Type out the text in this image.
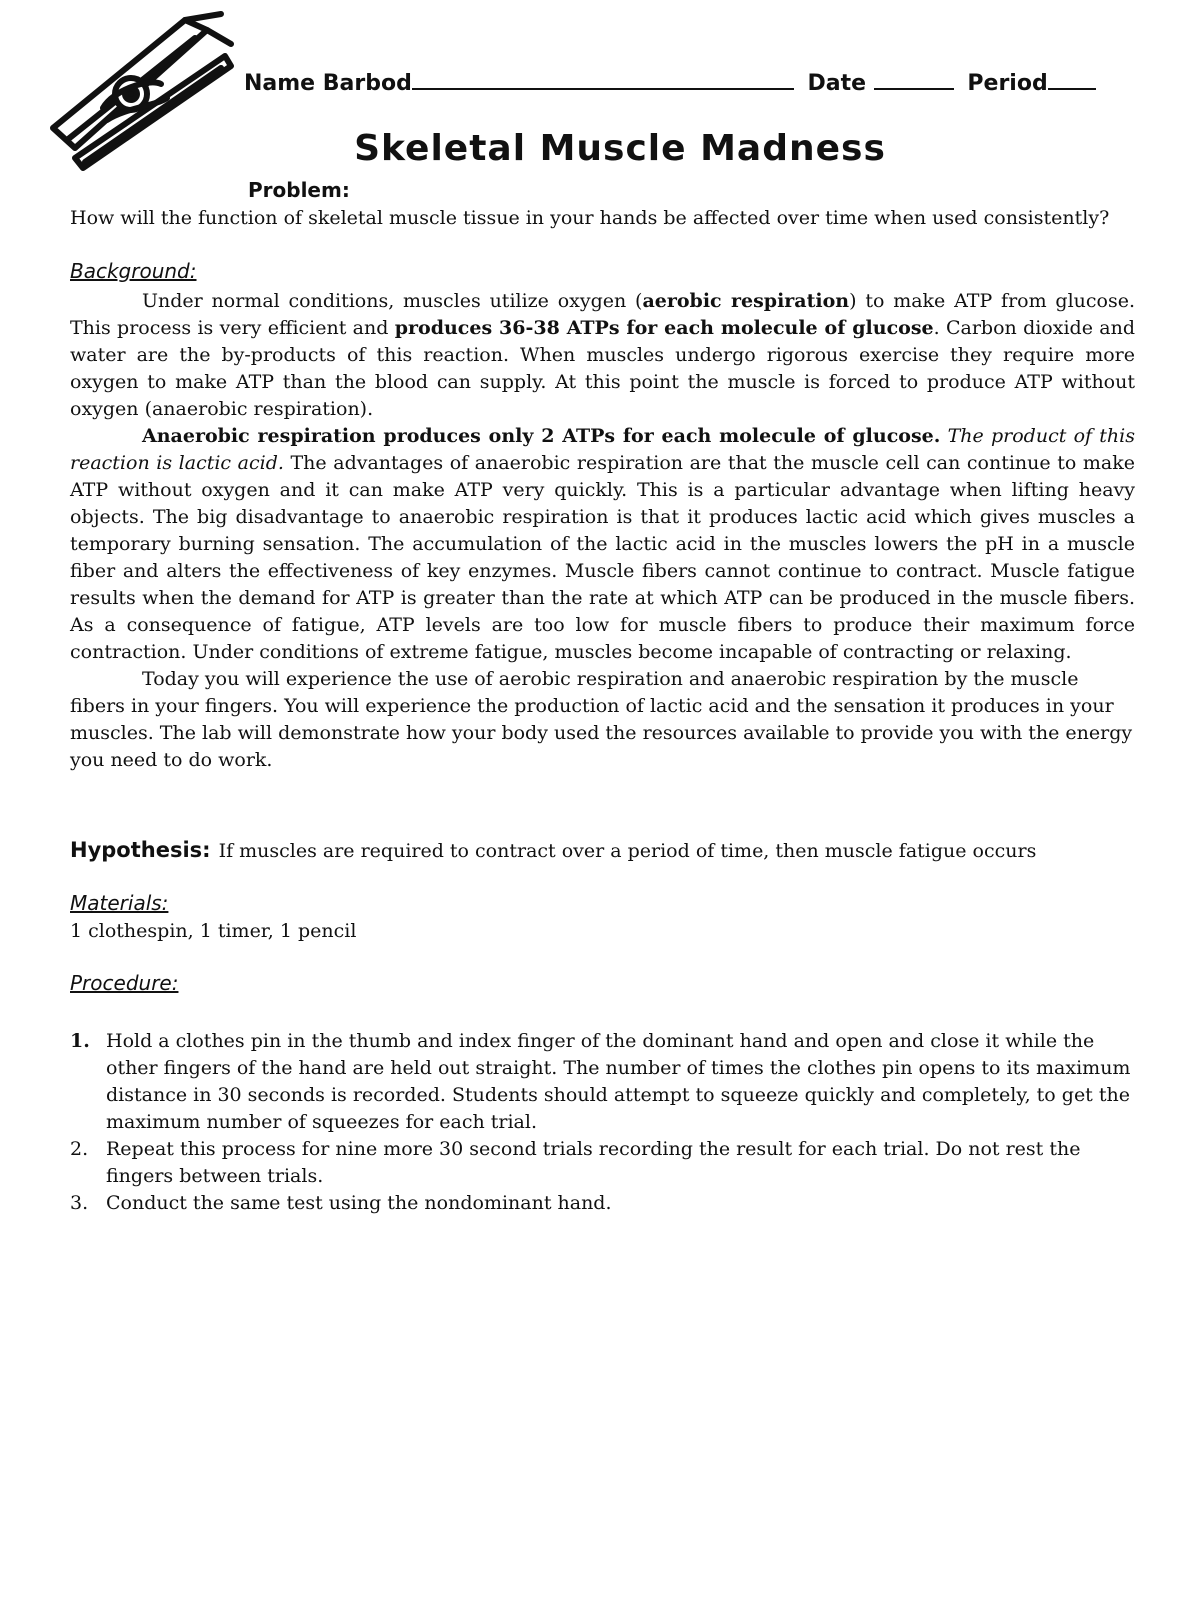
Name Barbod	Date	Period
Skeletal Muscle Madness
Problem:
How will the function of skeletal muscle tissue in your hands be affected over time when used consistently?
Background:

Under normal conditions, muscles utilize oxygen (aerobic respiration) to make ATP from glucose. This process is very efficient and produces 36-38 ATPs for each molecule of glucose. Carbon dioxide and water are the by-products of this reaction. When muscles undergo rigorous exercise they require more oxygen to make ATP than the blood can supply. At this point the muscle is forced to produce ATP without oxygen (anaerobic respiration).

Anaerobic respiration produces only 2 ATPs for each molecule of glucose. The product of this reaction is lactic acid. The advantages of anaerobic respiration are that the muscle cell can continue to make ATP without oxygen and it can make ATP very quickly. This is a particular advantage when lifting heavy objects. The big disadvantage to anaerobic respiration is that it produces lactic acid which gives muscles a temporary burning sensation. The accumulation of the lactic acid in the muscles lowers the pH in a muscle fiber and alters the effectiveness of key enzymes. Muscle fibers cannot continue to contract. Muscle fatigue results when the demand for ATP is greater than the rate at which ATP can be produced in the muscle fibers. As a consequence of fatigue, ATP levels are too low for muscle fibers to produce their maximum force contraction. Under conditions of extreme fatigue, muscles become incapable of contracting or relaxing.

Today you will experience the use of aerobic respiration and anaerobic respiration by the muscle fibers in your fingers. You will experience the production of lactic acid and the sensation it produces in your muscles. The lab will demonstrate how your body used the resources available to provide you with the energy you need to do work.

Hypothesis: If muscles are required to contract over a period of time, then muscle fatigue occurs
Materials:
1 clothespin, 1 timer, 1 pencil
Procedure:
1. Hold a clothes pin in the thumb and index finger of the dominant hand and open and close it while the other fingers of the hand are held out straight. The number of times the clothes pin opens to its maximum distance in 30 seconds is recorded. Students should attempt to squeeze quickly and completely, to get the maximum number of squeezes for each trial.
2. Repeat this process for nine more 30 second trials recording the result for each trial. Do not rest the fingers between trials.
3. Conduct the same test using the nondominant hand.
